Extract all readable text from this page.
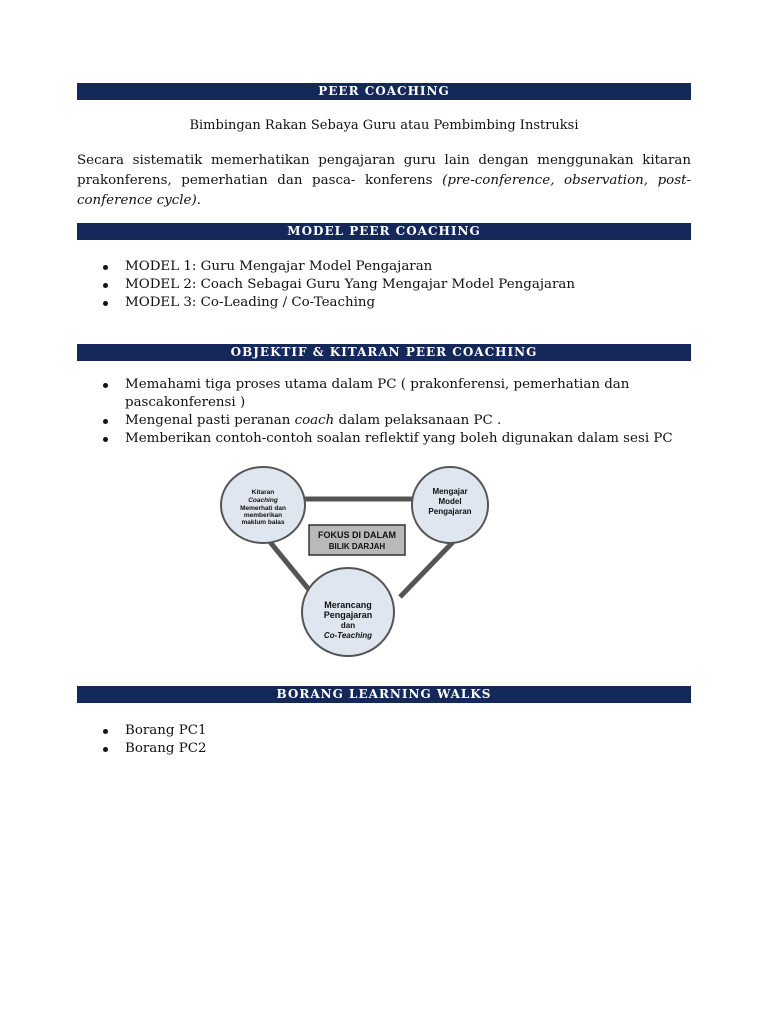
PEER COACHING
Bimbingan Rakan Sebaya Guru atau Pembimbing Instruksi
Secara sistematik memerhatikan pengajaran guru lain dengan menggunakan kitaran prakonferens, pemerhatian dan pasca- konferens (pre-conference, observation, post-conference cycle).
MODEL PEER COACHING
MODEL 1: Guru Mengajar Model Pengajaran
MODEL 2: Coach Sebagai Guru Yang Mengajar Model Pengajaran
MODEL 3: Co-Leading / Co-Teaching
OBJEKTIF & KITARAN PEER COACHING
Memahami tiga proses utama dalam PC ( prakonferensi, pemerhatian dan pascakonferensi )
Mengenal pasti peranan coach dalam pelaksanaan PC .
Memberikan contoh-contoh soalan reflektif yang boleh digunakan dalam sesi PC
Kitaran
Coaching
Memerhati dan
memberikan
maklum balas
Mengajar
Model
Pengajaran
FOKUS DI DALAM
BILIK DARJAH
Merancang
Pengajaran
dan
Co-Teaching
BORANG LEARNING WALKS
Borang PC1
Borang PC2
